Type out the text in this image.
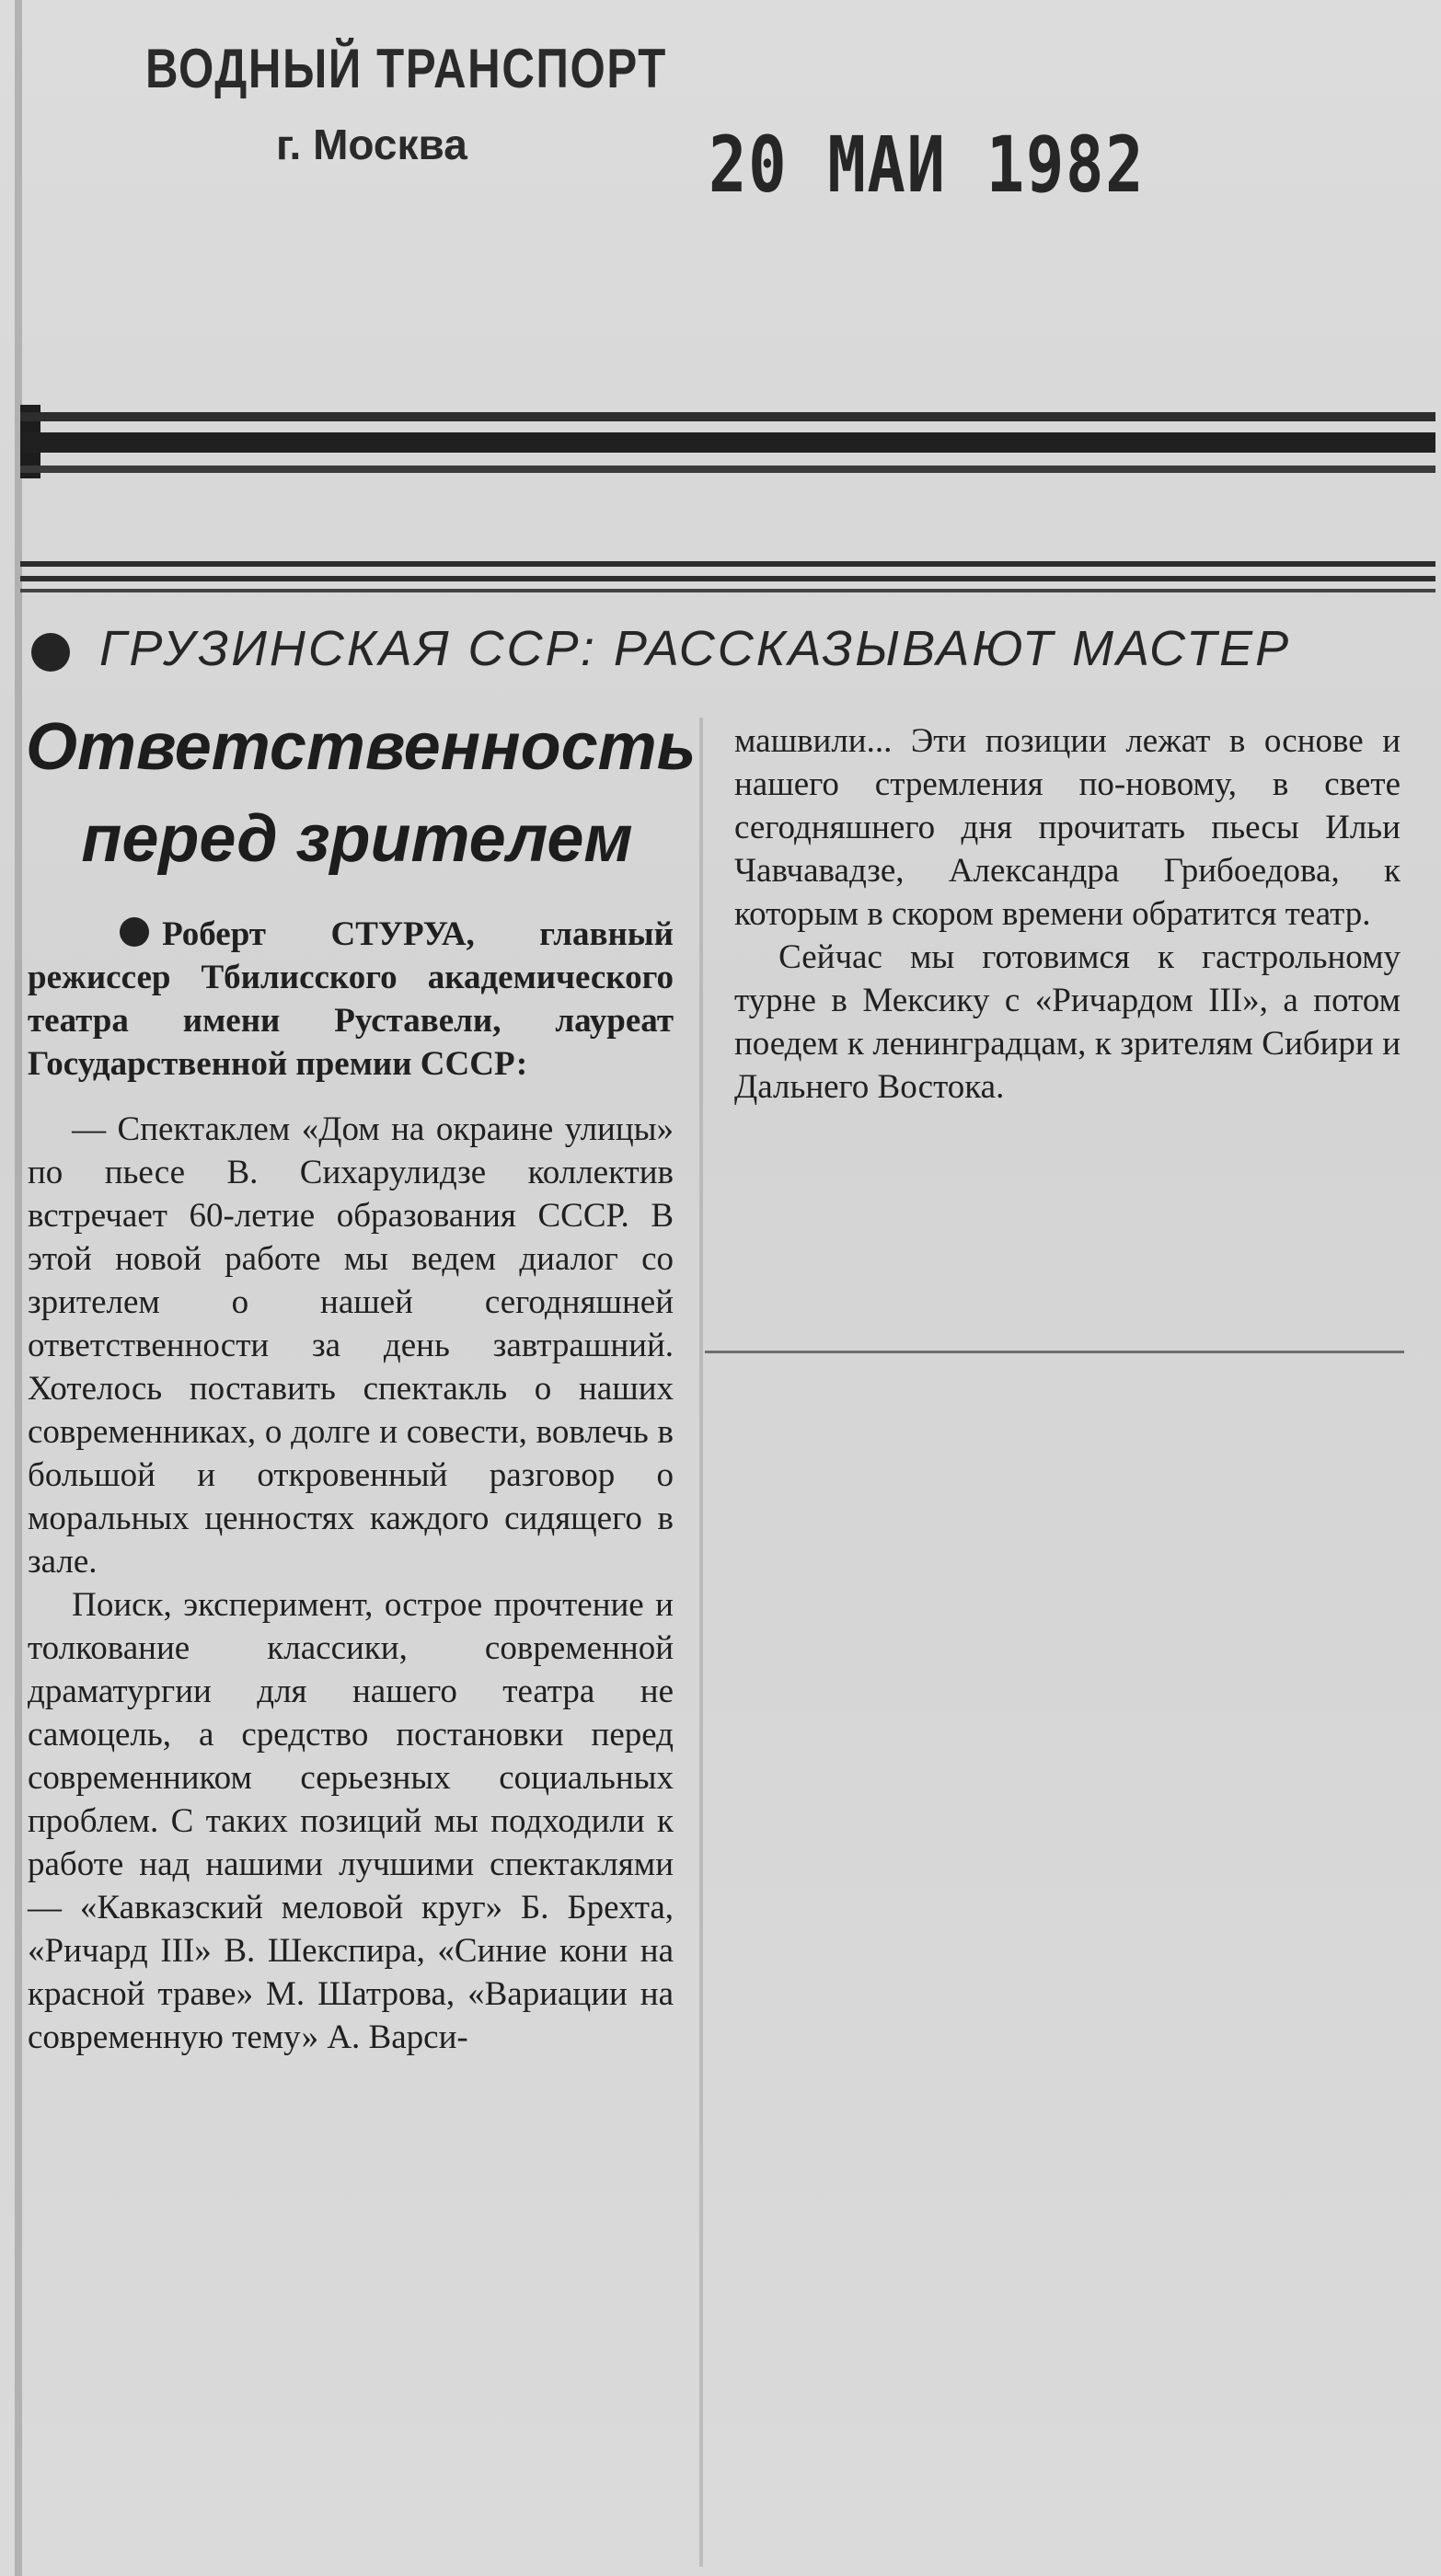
ВОДНЫЙ ТРАНСПОРТ
г. Москва	20 МАИ 1982
ГРУЗИНСКАЯ ССР: РАССКАЗЫВАЮТ МАСТЕР
Ответственность
перед зрителем

Роберт СТУРУА, главный режиссер Тбилисского академического театра имени Руставели, лауреат Государственной премии СССР:

— Спектаклем «Дом на окраине улицы» по пьесе В. Сихарулидзе коллектив встречает 60-летие образования СССР. В этой новой работе мы ведем диалог со зрителем о нашей сегодняшней ответственности за день завтрашний. Хотелось поставить спектакль о наших современниках, о долге и совести, вовлечь в большой и откровенный разговор о моральных ценностях каждого сидящего в зале.

Поиск, эксперимент, острое прочтение и толкование классики, современной драматургии для нашего театра не самоцель, а средство постановки перед современником серьезных социальных проблем. С таких позиций мы подходили к работе над нашими лучшими спектаклями — «Кавказский меловой круг» Б. Брехта, «Ричард III» В. Шекспира, «Синие кони на красной траве» М. Шатрова, «Вариации на современную тему» А. Варси-

машвили... Эти позиции лежат в основе и нашего стремления по-новому, в свете сегодняшнего дня прочитать пьесы Ильи Чавчавадзе, Александра Грибоедова, к которым в скором времени обратится театр.

Сейчас мы готовимся к гастрольному турне в Мексику с «Ричардом III», а потом поедем к ленинградцам, к зрителям Сибири и Дальнего Востока.
